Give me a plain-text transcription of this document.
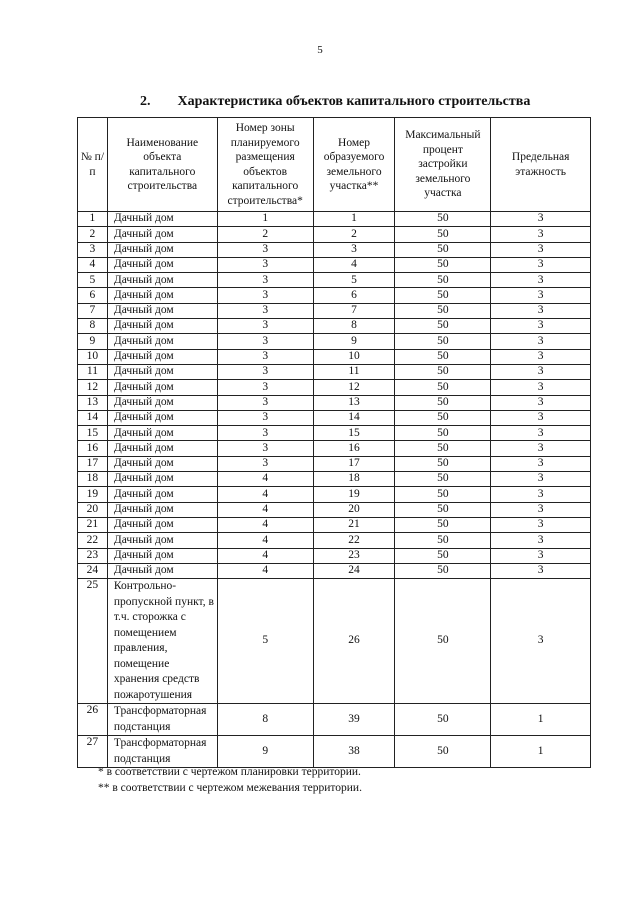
5
2. Характеристика объектов капитального строительства
№ п/п	Наименование объекта капитального строительства	Номер зоны планируемого размещения объектов капитального строительства*	Номер образуемого земельного участка**	Максимальный процент застройки земельного участка	Предельная этажность
1	Дачный дом	1	1	50	3
2	Дачный дом	2	2	50	3
3	Дачный дом	3	3	50	3
4	Дачный дом	3	4	50	3
5	Дачный дом	3	5	50	3
6	Дачный дом	3	6	50	3
7	Дачный дом	3	7	50	3
8	Дачный дом	3	8	50	3
9	Дачный дом	3	9	50	3
10	Дачный дом	3	10	50	3
11	Дачный дом	3	11	50	3
12	Дачный дом	3	12	50	3
13	Дачный дом	3	13	50	3
14	Дачный дом	3	14	50	3
15	Дачный дом	3	15	50	3
16	Дачный дом	3	16	50	3
17	Дачный дом	3	17	50	3
18	Дачный дом	4	18	50	3
19	Дачный дом	4	19	50	3
20	Дачный дом	4	20	50	3
21	Дачный дом	4	21	50	3
22	Дачный дом	4	22	50	3
23	Дачный дом	4	23	50	3
24	Дачный дом	4	24	50	3
25	Контрольно-пропускной пункт, в т.ч. сторожка с помещением правления, помещение хранения средств пожаротушения	5	26	50	3
26	Трансформаторная подстанция	8	39	50	1
27	Трансформаторная подстанция	9	38	50	1
* в соответствии с чертежом планировки территории.
** в соответствии с чертежом межевания территории.
